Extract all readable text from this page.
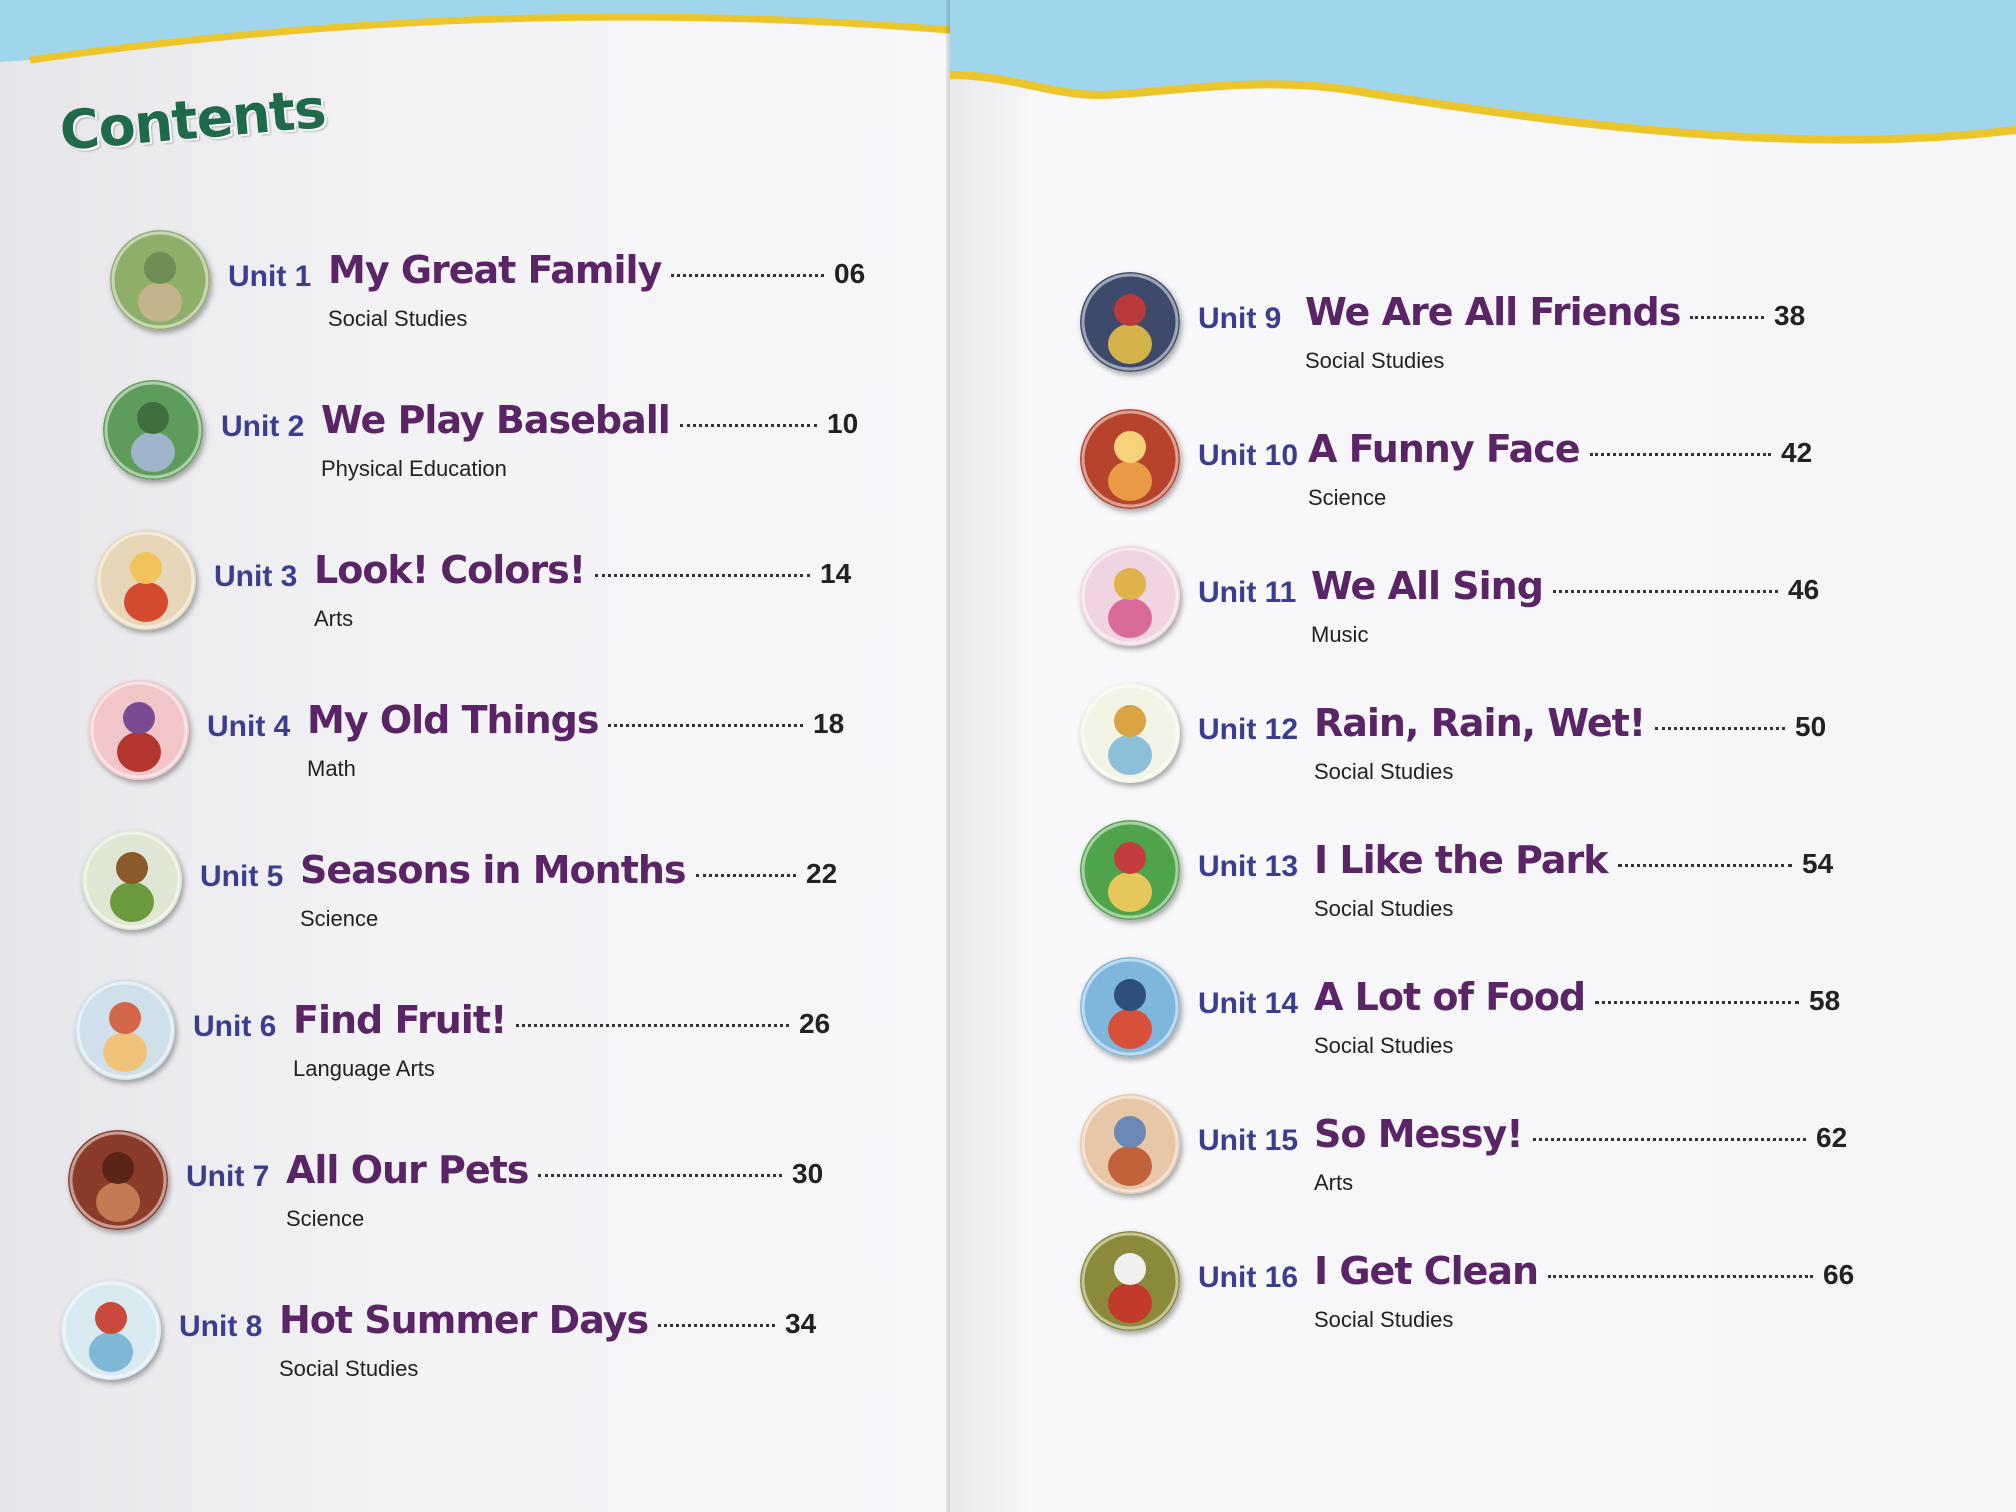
Contents
Unit 1 My Great Family
Social Studies
06
Unit 2 We Play Baseball
Physical Education
10
Unit 3 Look! Colors!
Arts
14
Unit 4 My Old Things
Math
18
Unit 5 Seasons in Months
Science
22
Unit 6 Find Fruit!
Language Arts
26
Unit 7 All Our Pets
Science
30
Unit 8 Hot Summer Days
Social Studies
34
Unit 9 We Are All Friends
Social Studies
38
Unit 10 A Funny Face
Science
42
Unit 11 We All Sing
Music
46
Unit 12 Rain, Rain, Wet!
Social Studies
50
Unit 13 I Like the Park
Social Studies
54
Unit 14 A Lot of Food
Social Studies
58
Unit 15 So Messy!
Arts
62
Unit 16 I Get Clean
Social Studies
66
